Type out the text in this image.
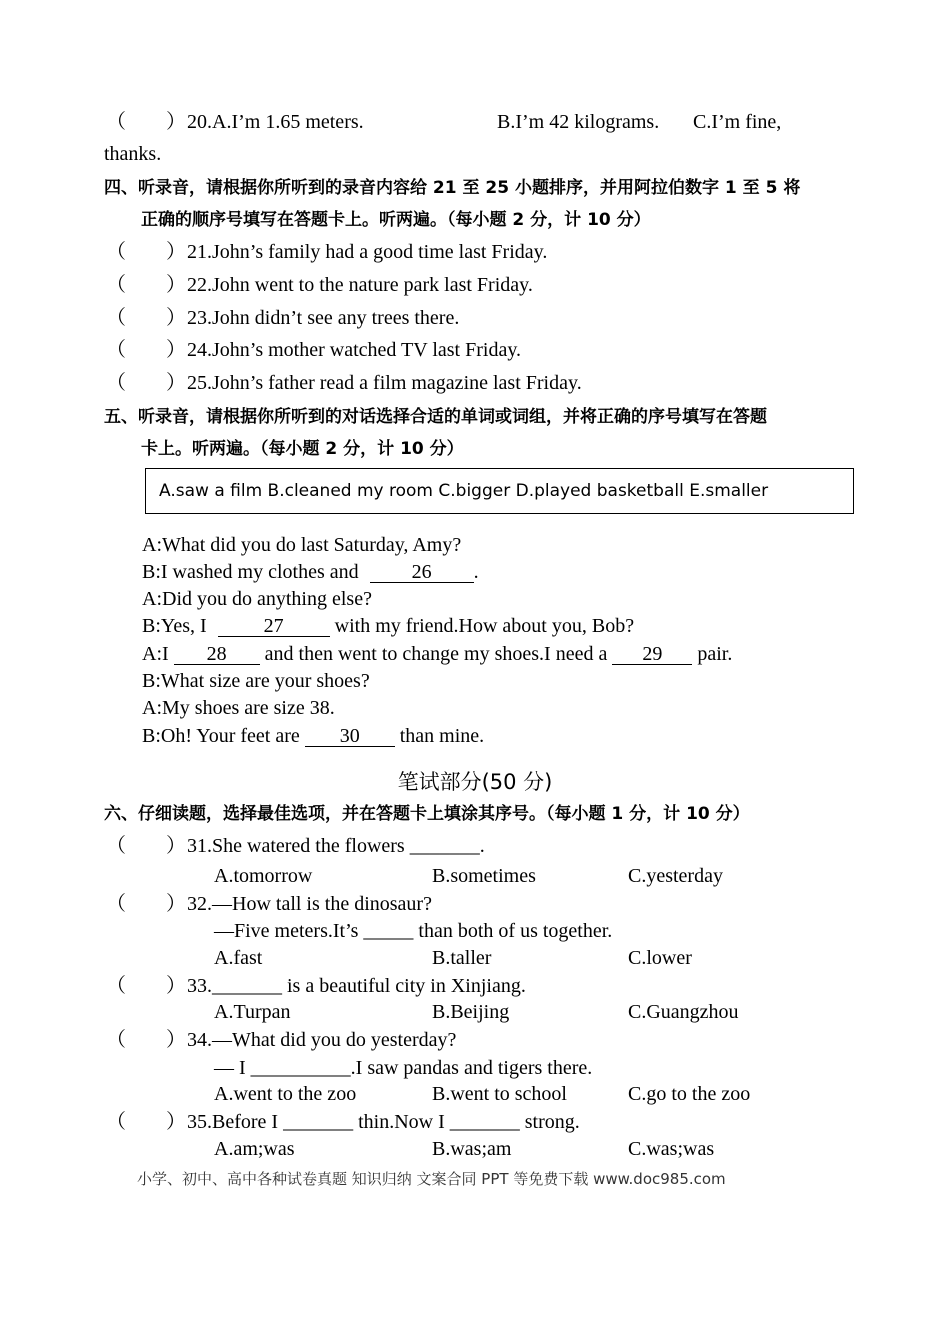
（　　） 20.A.I’m 1.65 meters.	B.I’m 42 kilograms. C.I’m fine,
thanks.
四、听录音，请根据你所听到的录音内容给 21 至 25 小题排序，并用阿拉伯数字 1 至 5 将
正确的顺序号填写在答题卡上。听两遍。（每小题 2 分，计 10 分）
（　　） 21.John’s family had a good time last Friday.
（　　） 22.John went to the nature park last Friday.
（　　） 23.John didn’t see any trees there.
（　　） 24.John’s mother watched TV last Friday.
（　　） 25.John’s father read a film magazine last Friday.
五、听录音，请根据你所听到的对话选择合适的单词或词组，并将正确的序号填写在答题
卡上。听两遍。（每小题 2 分，计 10 分）
A.saw a film B.cleaned my room C.bigger D.played basketball E.smaller
A:What did you do last Saturday, Amy?
B:I washed my clothes and	26 .
A:Did you do anything else?
B:Yes, I	27	with my friend.How about you, Bob?
A:I 28 and then went to change my shoes.I need a 29 pair.
B:What size are your shoes?
A:My shoes are size 38.
B:Oh! Your feet are 30 than mine.
笔试部分(50 分)
六、仔细读题，选择最佳选项，并在答题卡上填涂其序号。（每小题 1 分，计 10 分）
（　　） 31.She watered the flowers _______.
A.tomorrow	B.sometimes	C.yesterday
（　　） 32.—How tall is the dinosaur?
—Five meters.It’s _____ than both of us together.
A.fast	B.taller	C.lower
（　　） 33._______ is a beautiful city in Xinjiang.
A.Turpan	B.Beijing	C.Guangzhou
（　　） 34.—What did you do yesterday?
— I __________.I saw pandas and tigers there.
A.went to the zoo	B.went to school	C.go to the zoo
（　　） 35.Before I _______ thin.Now I _______ strong.
A.am;was	B.was;am	C.was;was
小学、初中、高中各种试卷真题 知识归纳 文案合同 PPT 等免费下载 www.doc985.com
